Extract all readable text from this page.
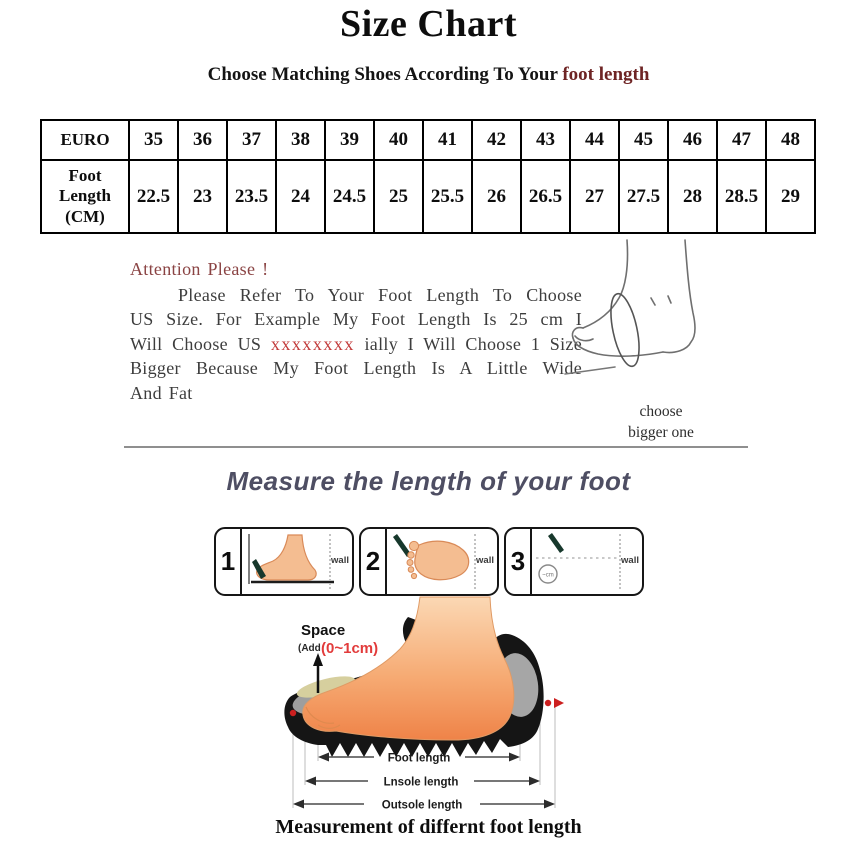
Size Chart
Choose Matching Shoes According To Your foot length
EURO	35	36	37	38	39	40	41	42	43	44	45	46	47	48
Foot Length (CM)	22.5	23	23.5	24	24.5	25	25.5	26	26.5	27	27.5	28	28.5	29
Attention Please !
Please Refer To Your Foot Length To Choose
US Size. For Example My Foot Length Is 25 cm I
Will Choose US xxxxxxxx ially I Will Choose 1 Size
Bigger Because My Foot Length Is A Little Wide
And Fat
choose
bigger one
Measure the length of your foot
1	wall 2	wall 3	~cm
wall
Space
(Add (0~1cm)
Foot length
Lnsole length
Outsole length
Measurement of differnt foot length
